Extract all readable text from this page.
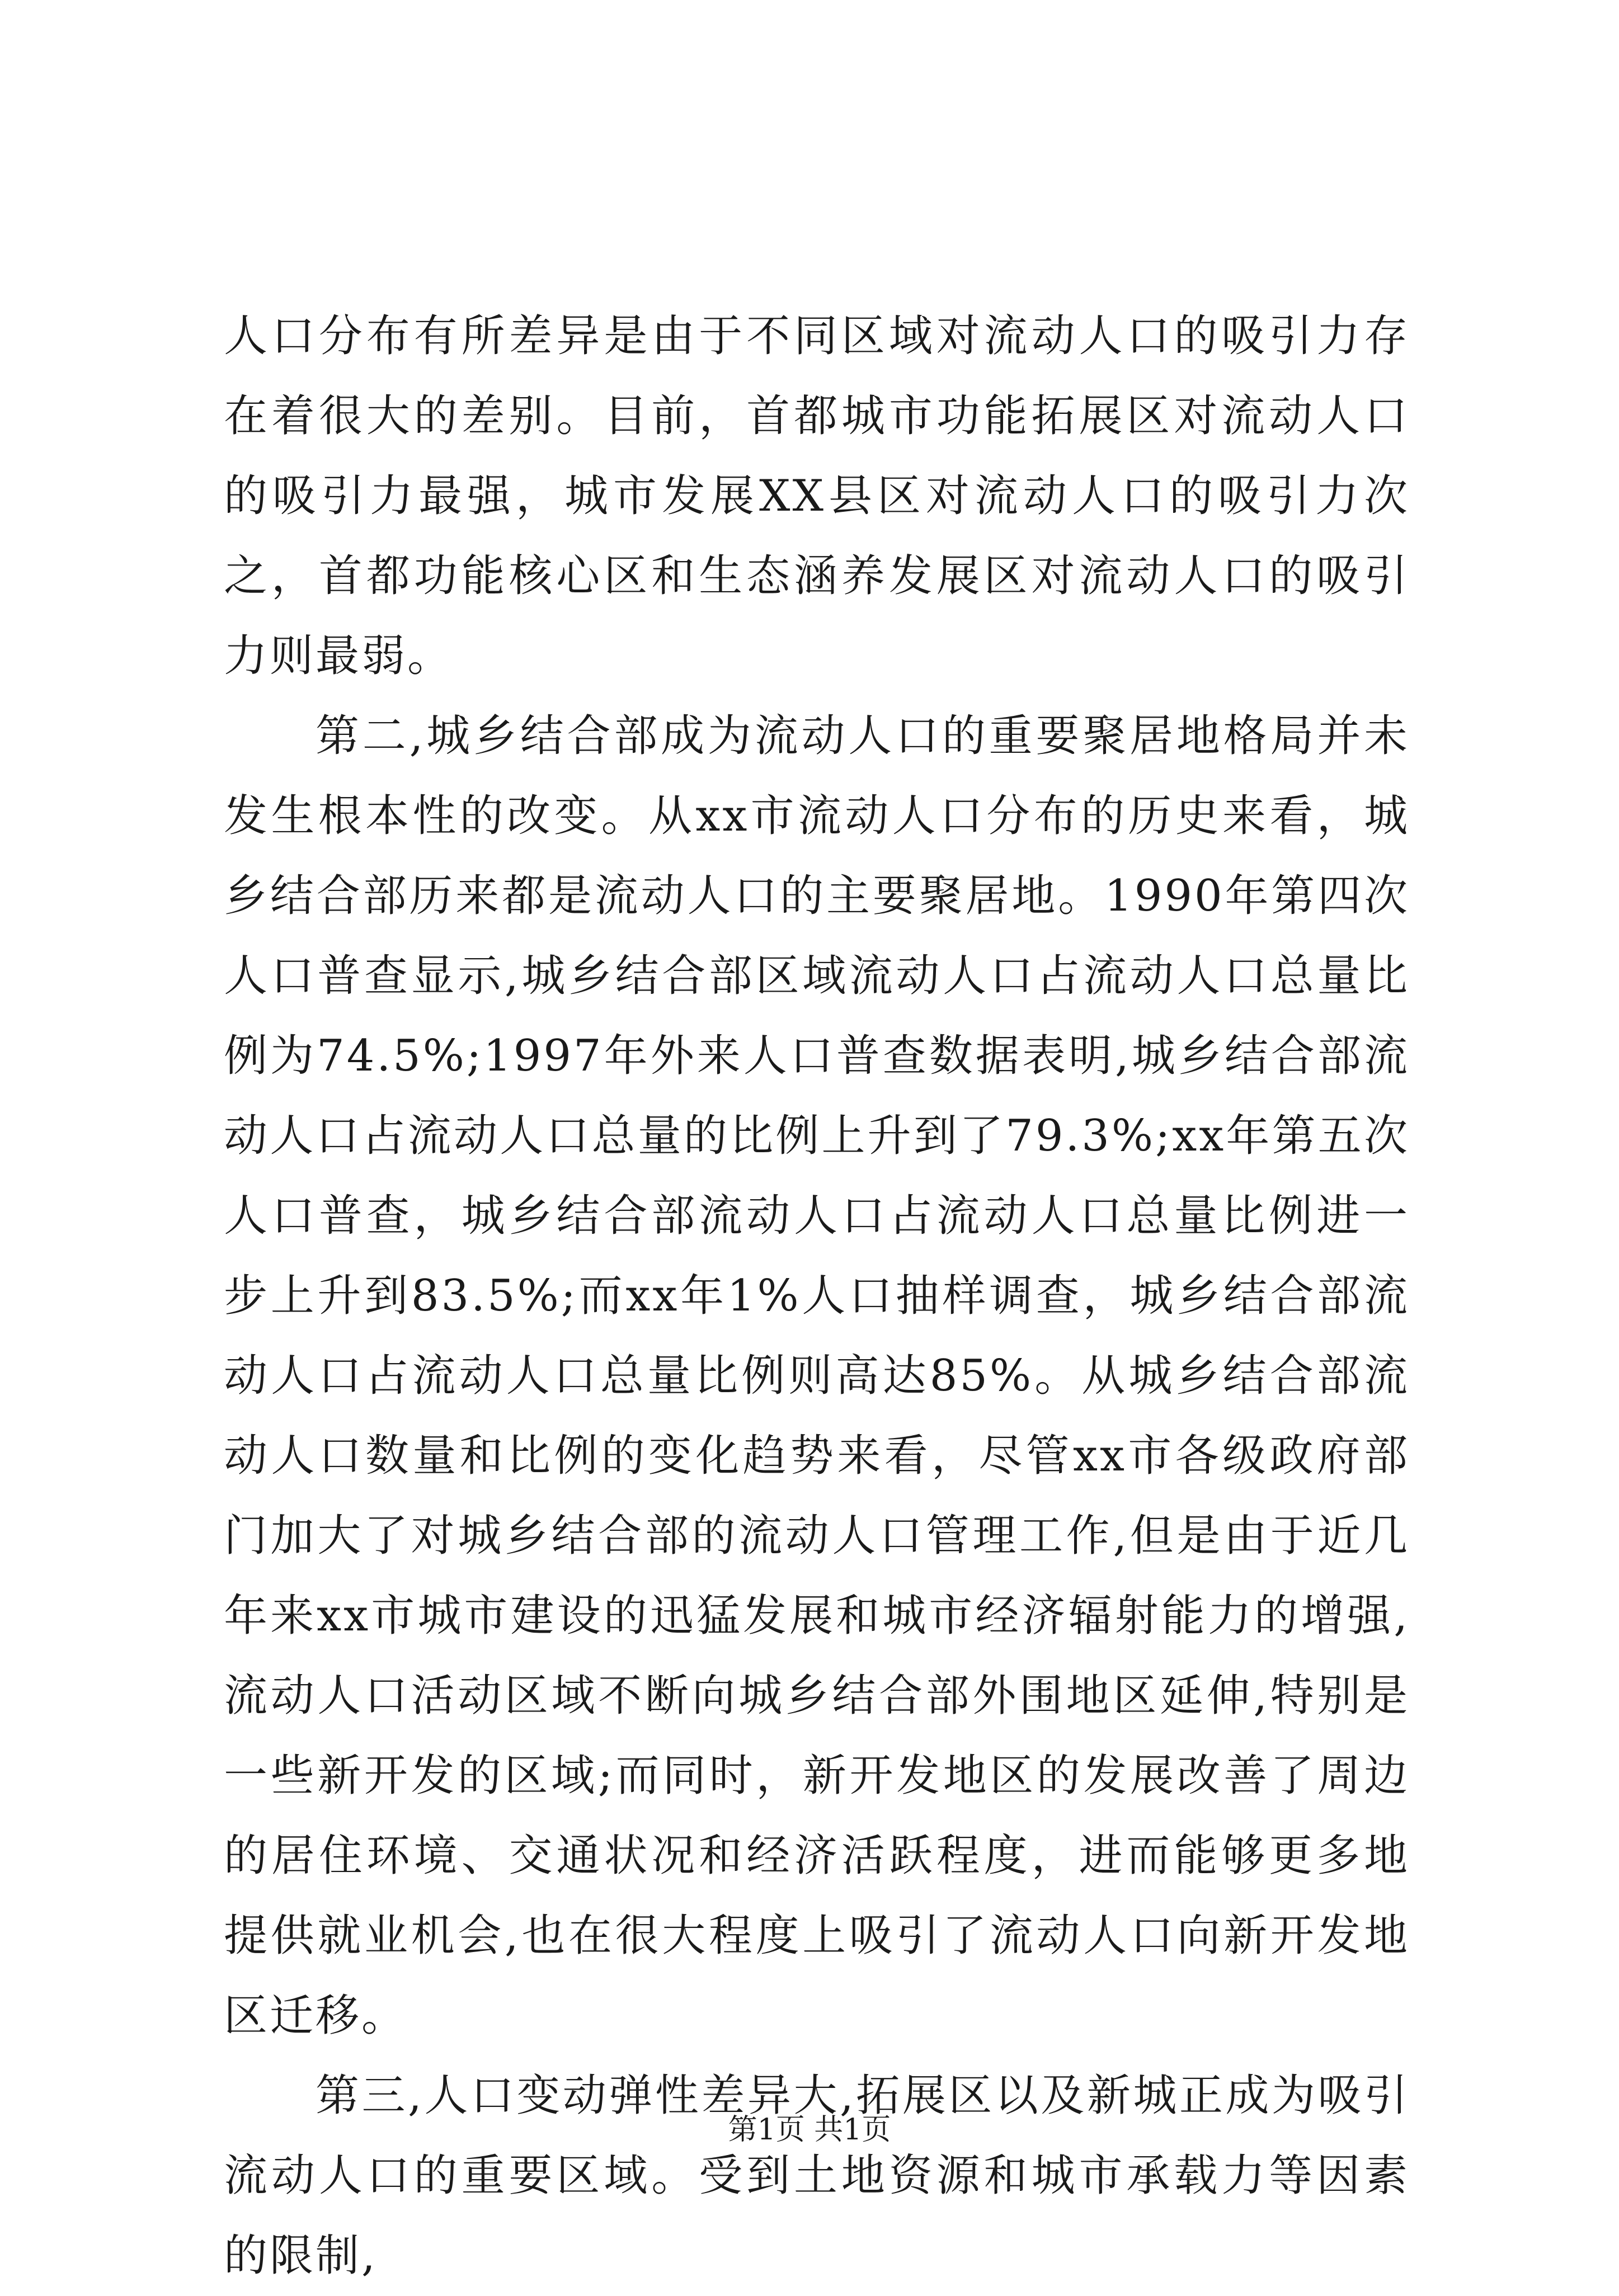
人口分布有所差异是由于不同区域对流动人口的吸引力存在着很大的差别。目前，首都城市功能拓展区对流动人口的吸引力最强，城市发展XX县区对流动人口的吸引力次之，首都功能核心区和生态涵养发展区对流动人口的吸引力则最弱。

第二,城乡结合部成为流动人口的重要聚居地格局并未发生根本性的改变。从xx市流动人口分布的历史来看，城乡结合部历来都是流动人口的主要聚居地。1990年第四次人口普查显示,城乡结合部区域流动人口占流动人口总量比例为74.5%;1997年外来人口普查数据表明,城乡结合部流动人口占流动人口总量的比例上升到了79.3%;xx年第五次人口普查，城乡结合部流动人口占流动人口总量比例进一步上升到83.5%;而xx年1%人口抽样调查，城乡结合部流动人口占流动人口总量比例则高达85%。从城乡结合部流动人口数量和比例的变化趋势来看，尽管xx市各级政府部门加大了对城乡结合部的流动人口管理工作,但是由于近几年来xx市城市建设的迅猛发展和城市经济辐射能力的增强,流动人口活动区域不断向城乡结合部外围地区延伸,特别是一些新开发的区域;而同时，新开发地区的发展改善了周边的居住环境、交通状况和经济活跃程度，进而能够更多地提供就业机会,也在很大程度上吸引了流动人口向新开发地区迁移。

第三,人口变动弹性差异大,拓展区以及新城正成为吸引流动人口的重要区域。受到土地资源和城市承载力等因素的限制,

第1页 共1页
